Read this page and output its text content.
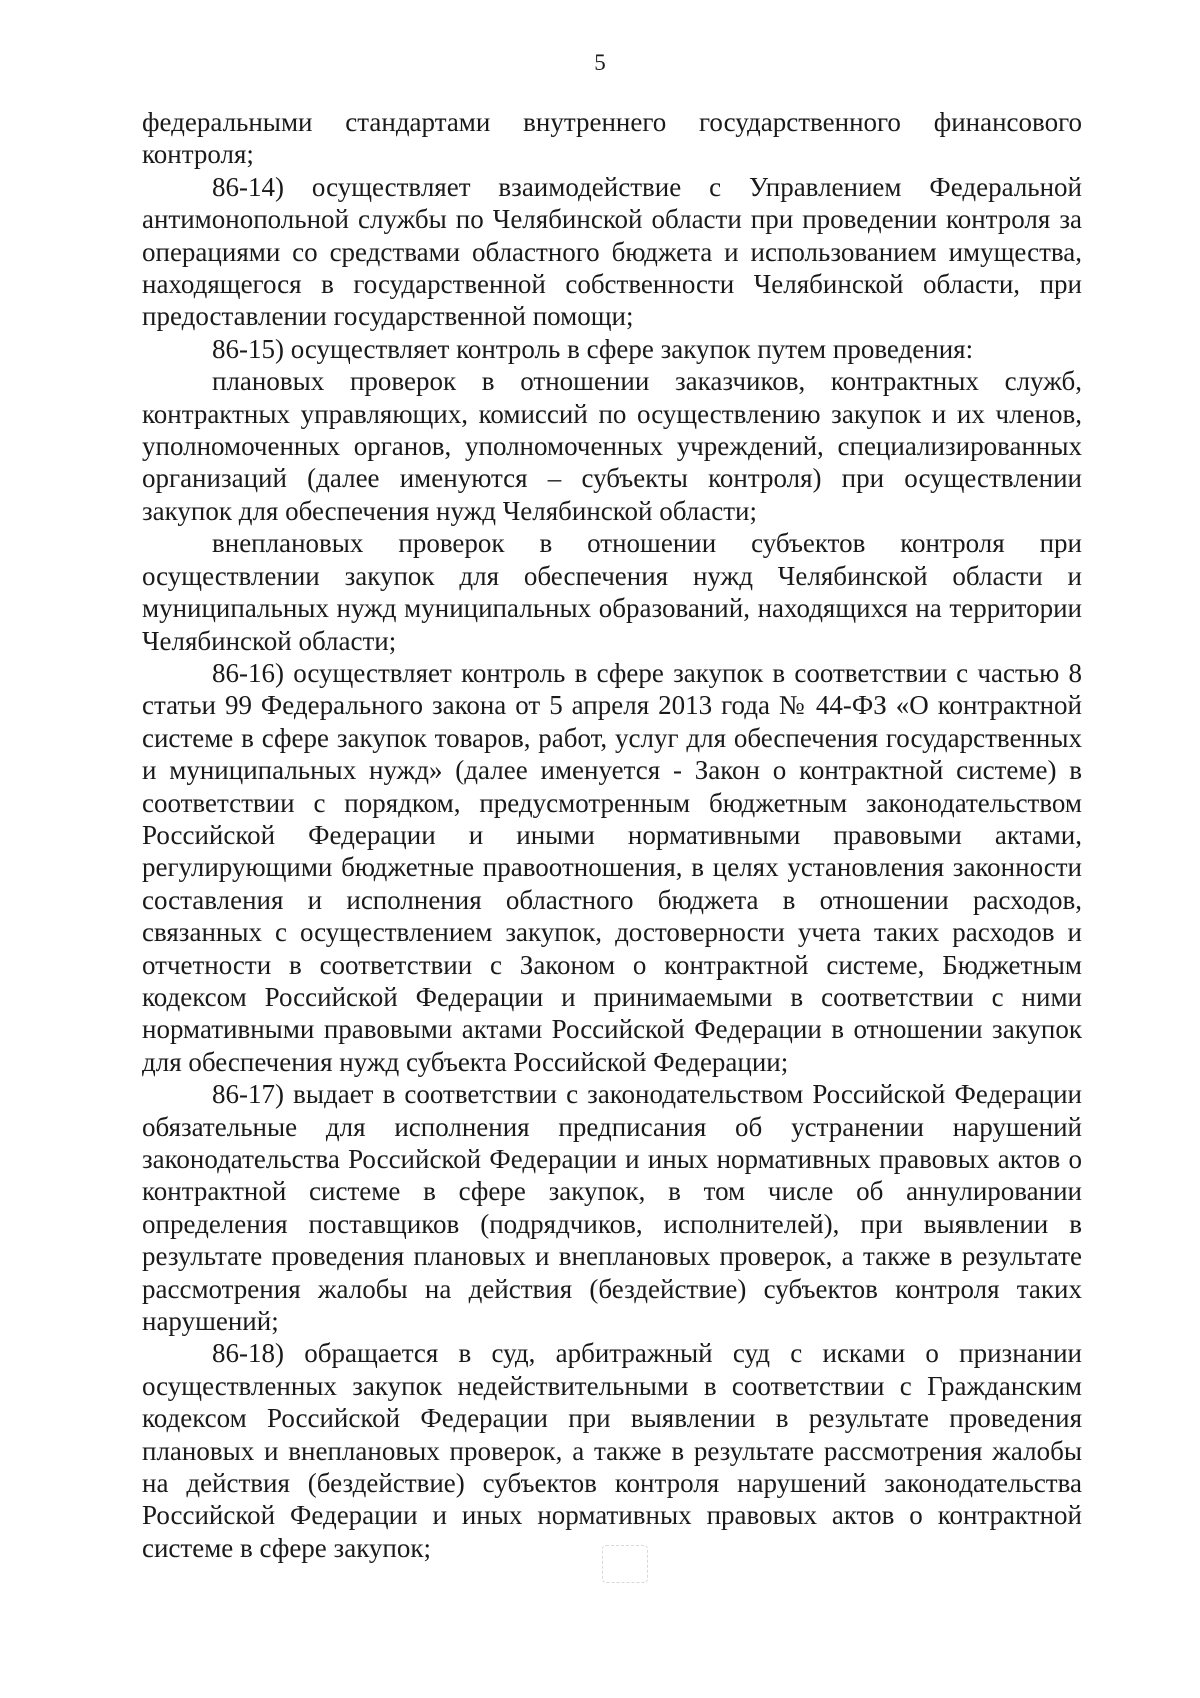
5

федеральными стандартами внутреннего государственного финансового контроля;

86-14) осуществляет взаимодействие с Управлением Федеральной антимонопольной службы по Челябинской области при проведении контроля за операциями со средствами областного бюджета и использованием имущества, находящегося в государственной собственности Челябинской области, при предоставлении государственной помощи;

86-15) осуществляет контроль в сфере закупок путем проведения:

плановых проверок в отношении заказчиков, контрактных служб, контрактных управляющих, комиссий по осуществлению закупок и их членов, уполномоченных органов, уполномоченных учреждений, специализированных организаций (далее именуются – субъекты контроля) при осуществлении закупок для обеспечения нужд Челябинской области;

внеплановых проверок в отношении субъектов контроля при осуществлении закупок для обеспечения нужд Челябинской области и муниципальных нужд муниципальных образований, находящихся на территории Челябинской области;

86-16) осуществляет контроль в сфере закупок в соответствии с частью 8 статьи 99 Федерального закона от 5 апреля 2013 года № 44-ФЗ «О контрактной системе в сфере закупок товаров, работ, услуг для обеспечения государственных и муниципальных нужд» (далее именуется - Закон о контрактной системе) в соответствии с порядком, предусмотренным бюджетным законодательством Российской Федерации и иными нормативными правовыми актами, регулирующими бюджетные правоотношения, в целях установления законности составления и исполнения областного бюджета в отношении расходов, связанных с осуществлением закупок, достоверности учета таких расходов и отчетности в соответствии с Законом о контрактной системе, Бюджетным кодексом Российской Федерации и принимаемыми в соответствии с ними нормативными правовыми актами Российской Федерации в отношении закупок для обеспечения нужд субъекта Российской Федерации;

86-17) выдает в соответствии с законодательством Российской Федерации обязательные для исполнения предписания об устранении нарушений законодательства Российской Федерации и иных нормативных правовых актов о контрактной системе в сфере закупок, в том числе об аннулировании определения поставщиков (подрядчиков, исполнителей), при выявлении в результате проведения плановых и внеплановых проверок, а также в результате рассмотрения жалобы на действия (бездействие) субъектов контроля таких нарушений;

86-18) обращается в суд, арбитражный суд с исками о признании осуществленных закупок недействительными в соответствии с Гражданским кодексом Российской Федерации при выявлении в результате проведения плановых и внеплановых проверок, а также в результате рассмотрения жалобы на действия (бездействие) субъектов контроля нарушений законодательства Российской Федерации и иных нормативных правовых актов о контрактной системе в сфере закупок;
